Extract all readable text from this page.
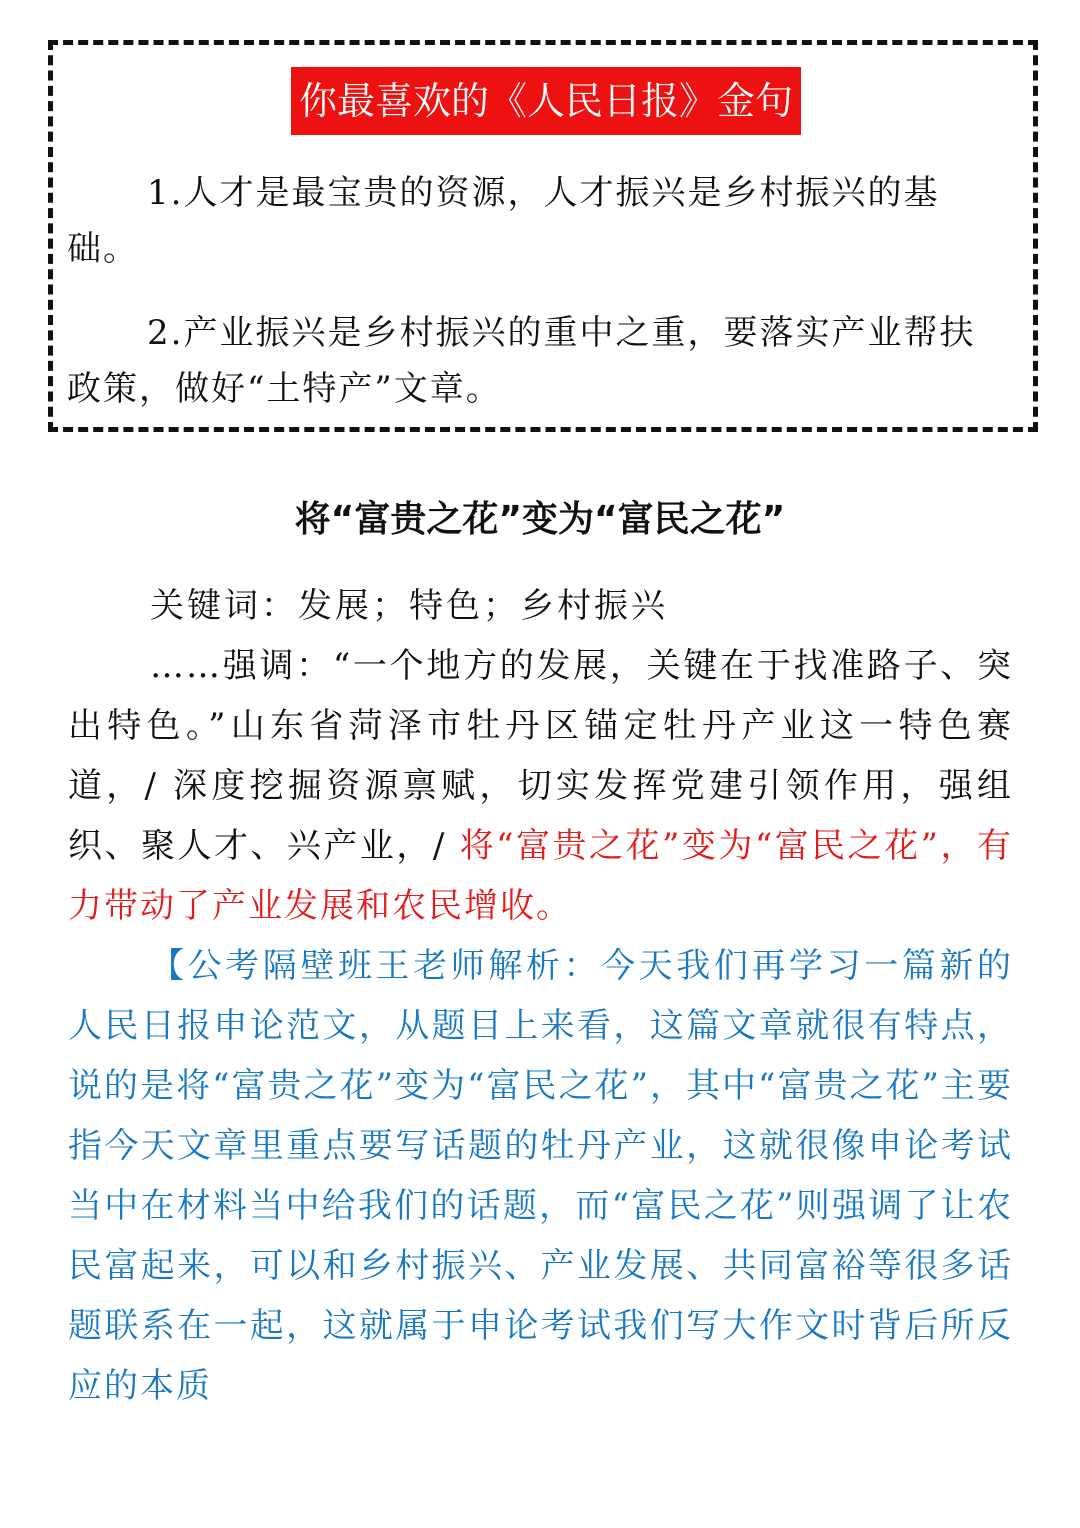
你最喜欢的《人民日报》金句

1.人才是最宝贵的资源，人才振兴是乡村振兴的基础。

2.产业振兴是乡村振兴的重中之重，要落实产业帮扶政策，做好“土特产”文章。

将“富贵之花”变为“富民之花”
关键词：发展；特色；乡村振兴

……强调：“一个地方的发展，关键在于找准路子、突出特色。”山东省菏泽市牡丹区锚定牡丹产业这一特色赛道，/ 深度挖掘资源禀赋，切实发挥党建引领作用，强组织、聚人才、兴产业，/ 将“富贵之花”变为“富民之花”，有力带动了产业发展和农民增收。

【公考隔壁班王老师解析：今天我们再学习一篇新的人民日报申论范文，从题目上来看，这篇文章就很有特点，说的是将“富贵之花”变为“富民之花”，其中“富贵之花”主要指今天文章里重点要写话题的牡丹产业，这就很像申论考试当中在材料当中给我们的话题，而“富民之花”则强调了让农民富起来，可以和乡村振兴、产业发展、共同富裕等很多话题联系在一起，这就属于申论考试我们写大作文时背后所反应的本质
